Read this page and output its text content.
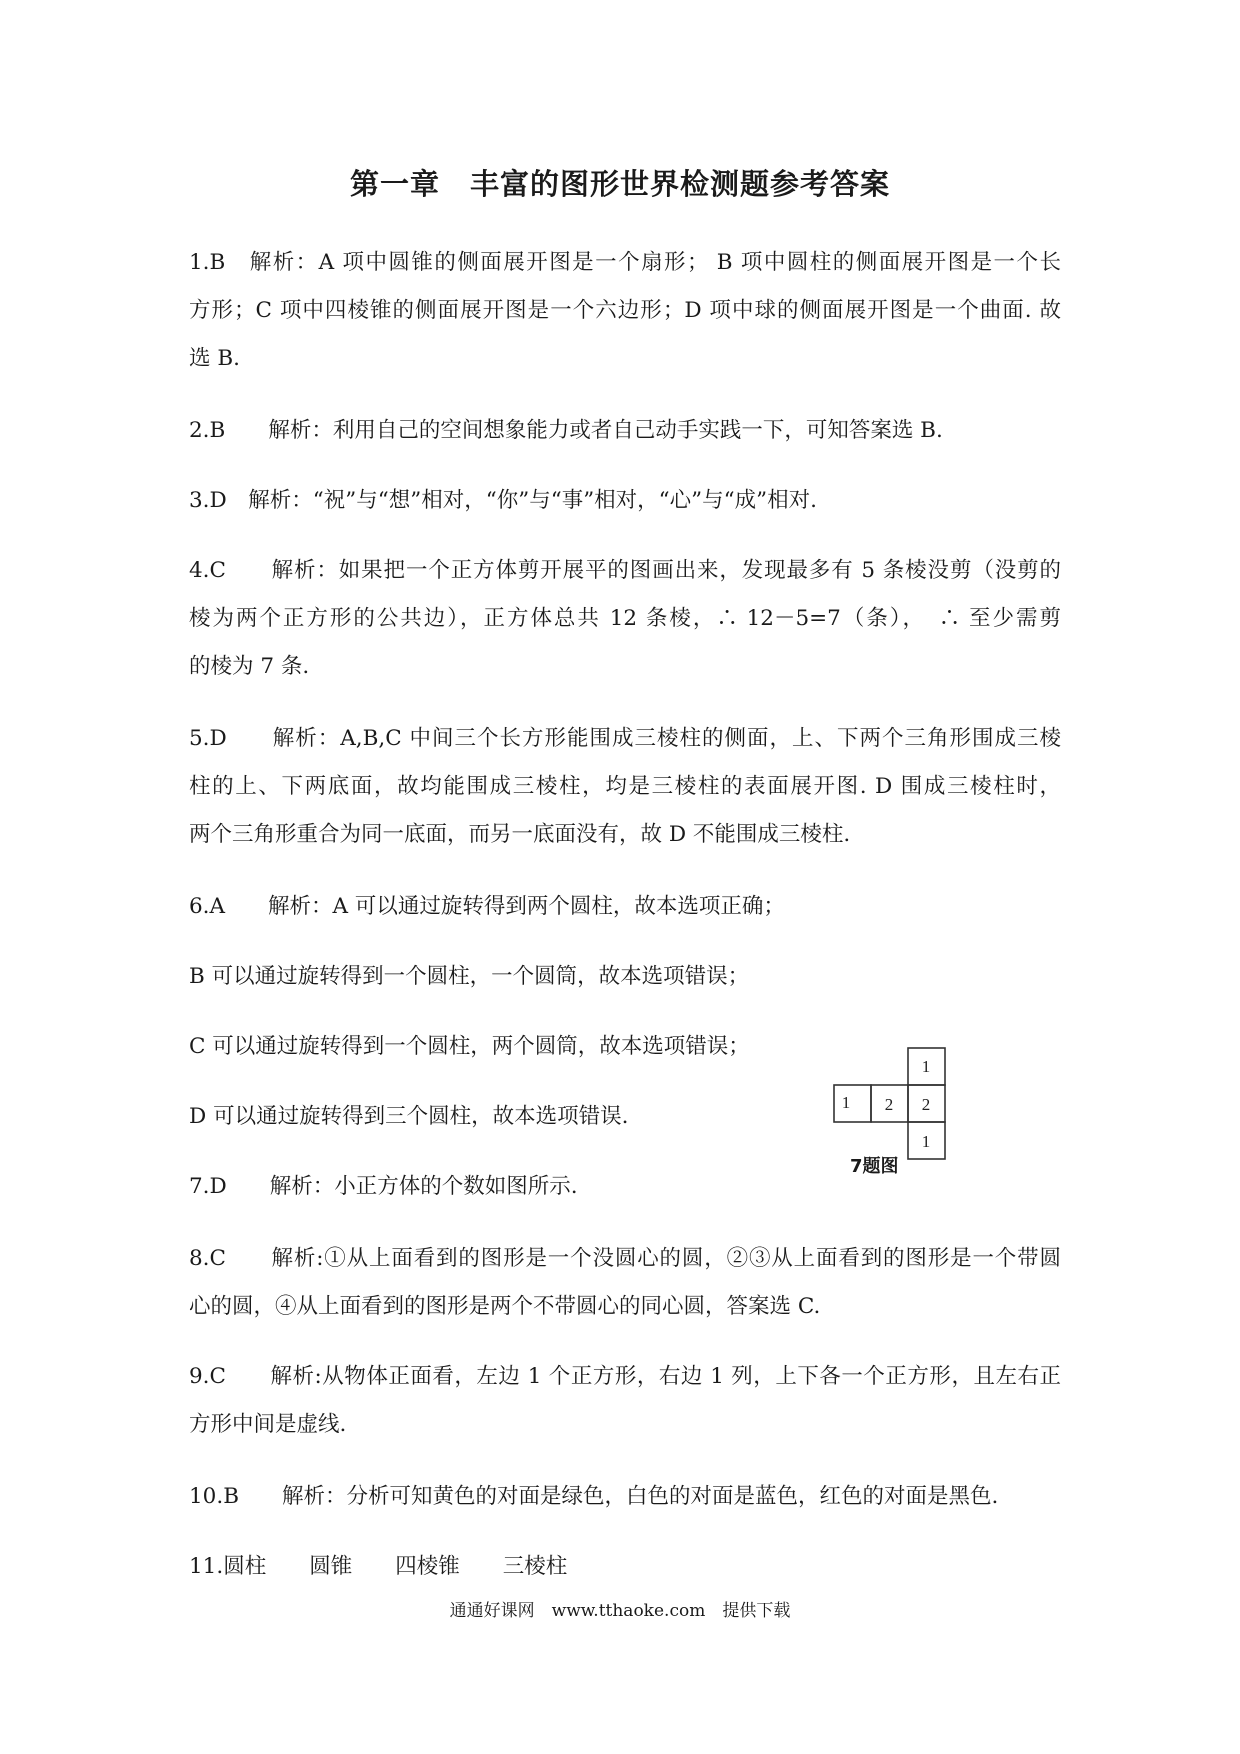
第一章　丰富的图形世界检测题参考答案

1.B　解析：A 项中圆锥的侧面展开图是一个扇形； B 项中圆柱的侧面展开图是一个长

方形；C 项中四棱锥的侧面展开图是一个六边形；D 项中球的侧面展开图是一个曲面. 故

选 B.

2.B　　解析：利用自己的空间想象能力或者自己动手实践一下，可知答案选 B.

3.D　解析：“祝”与“想”相对，“你”与“事”相对，“心”与“成”相对.

4.C　　解析：如果把一个正方体剪开展平的图画出来，发现最多有 5 条棱没剪（没剪的

棱为两个正方形的公共边），正方体总共 12 条棱，∴ 12－5=7（条），　∴ 至少需剪

的棱为 7 条.

5.D　　解析：A,B,C 中间三个长方形能围成三棱柱的侧面，上、下两个三角形围成三棱

柱的上、下两底面，故均能围成三棱柱，均是三棱柱的表面展开图. D 围成三棱柱时，

两个三角形重合为同一底面，而另一底面没有，故 D 不能围成三棱柱.

6.A　　解析：A 可以通过旋转得到两个圆柱，故本选项正确；

B 可以通过旋转得到一个圆柱，一个圆筒，故本选项错误；

C 可以通过旋转得到一个圆柱，两个圆筒，故本选项错误；

D 可以通过旋转得到三个圆柱，故本选项错误.

7.D　　解析：小正方体的个数如图所示.

8.C　　解析:①从上面看到的图形是一个没圆心的圆，②③从上面看到的图形是一个带圆

心的圆，④从上面看到的图形是两个不带圆心的同心圆，答案选 C.

9.C　　解析:从物体正面看，左边 1 个正方形，右边 1 列，上下各一个正方形，且左右正

方形中间是虚线.

10.B　　解析：分析可知黄色的对面是绿色，白色的对面是蓝色，红色的对面是黑色.

11.圆柱　　圆锥　　四棱锥　　三棱柱

1
1 2 2
1

7题图

通通好课网　www.tthaoke.com　提供下载
